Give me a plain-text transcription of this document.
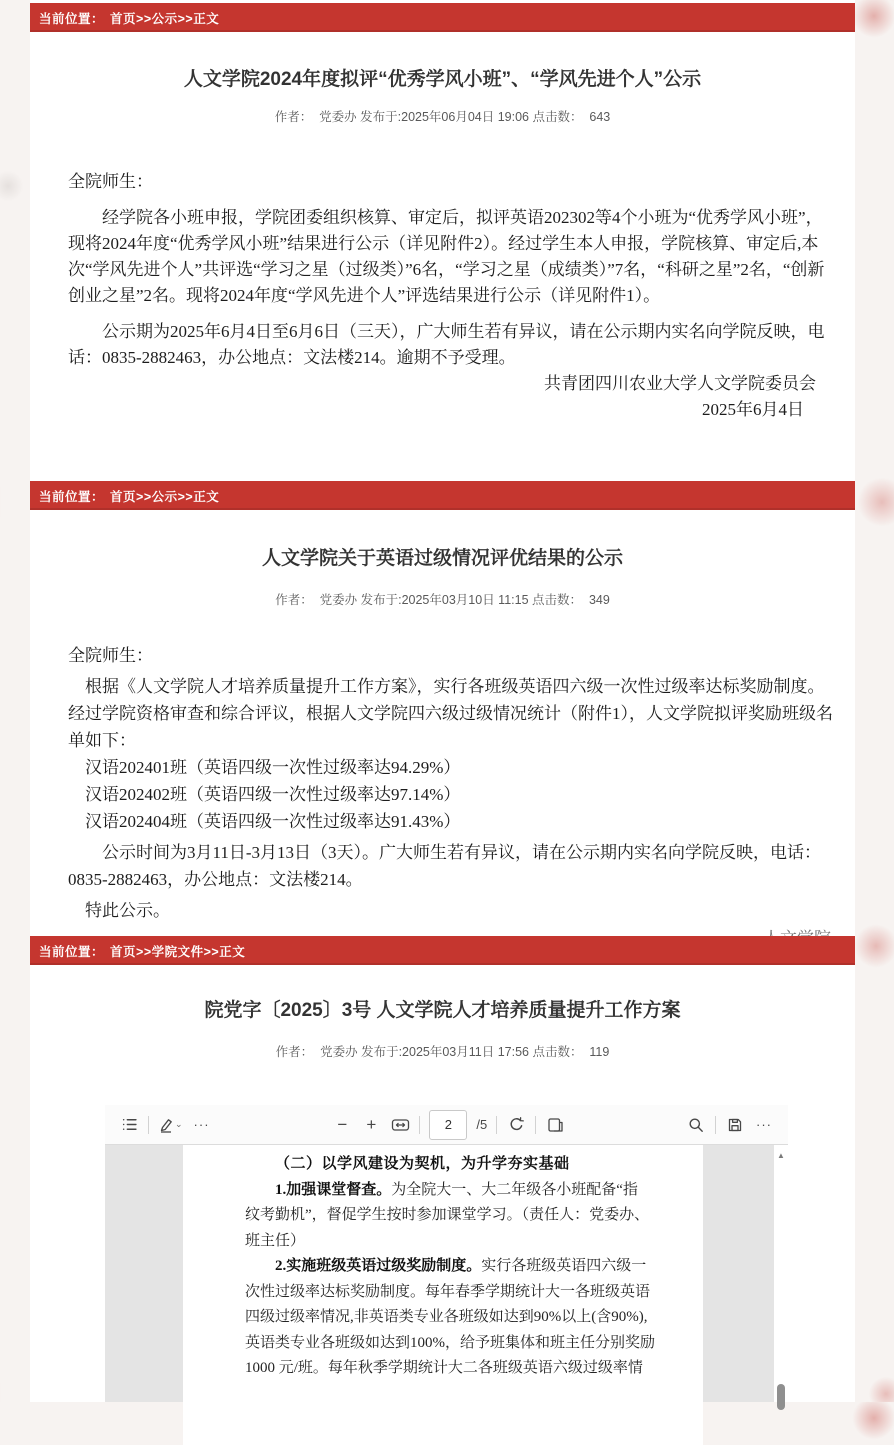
当前位置： 首页>>公示>>正文
人文学院2024年度拟评“优秀学风小班”、“学风先进个人”公示
作者：  党委办 发布于:2025年06月04日 19:06 点击数：  643

全院师生：

经学院各小班申报，学院团委组织核算、审定后，拟评英语202302等4个小班为“优秀学风小班”，现将2024年度“优秀学风小班”结果进行公示（详见附件2）。经过学生本人申报，学院核算、审定后,本次“学风先进个人”共评选“学习之星（过级类）”6名，“学习之星（成绩类）”7名，“科研之星”2名，“创新创业之星”2名。现将2024年度“学风先进个人”评选结果进行公示（详见附件1）。

公示期为2025年6月4日至6月6日（三天），广大师生若有异议，请在公示期内实名向学院反映，电话：0835-2882463，办公地点：文法楼214。逾期不予受理。

共青团四川农业大学人文学院委员会

2025年6月4日

当前位置： 首页>>公示>>正文
人文学院关于英语过级情况评优结果的公示
作者：  党委办 发布于:2025年03月10日 11:15 点击数：  349

全院师生：

根据《人文学院人才培养质量提升工作方案》，实行各班级英语四六级一次性过级率达标奖励制度。经过学院资格审查和综合评议，根据人文学院四六级过级情况统计（附件1），人文学院拟评奖励班级名单如下：

汉语202401班（英语四级一次性过级率达94.29%）

汉语202402班（英语四级一次性过级率达97.14%）

汉语202404班（英语四级一次性过级率达91.43%）

公示时间为3月11日-3月13日（3天）。广大师生若有异议，请在公示期内实名向学院反映，电话：0835-2882463，办公地点：文法楼214。

特此公示。

当前位置： 首页>>学院文件>>正文
院党字〔2025〕3号 人文学院人才培养质量提升工作方案
作者：  党委办 发布于:2025年03月11日 17:56 点击数：  119
⌄ ···	− +
2	/5	···
（二）以学风建设为契机，为升学夯实基础
1.加强课堂督查。为全院大一、大二年级各小班配备“指
纹考勤机”，督促学生按时参加课堂学习。（责任人：党委办、
班主任）
2.实施班级英语过级奖励制度。实行各班级英语四六级一
次性过级率达标奖励制度。每年春季学期统计大一各班级英语
四级过级率情况,非英语类专业各班级如达到90%以上(含90%),
英语类专业各班级如达到100%，给予班集体和班主任分别奖励
1000 元/班。每年秋季学期统计大二各班级英语六级过级率情
▲
